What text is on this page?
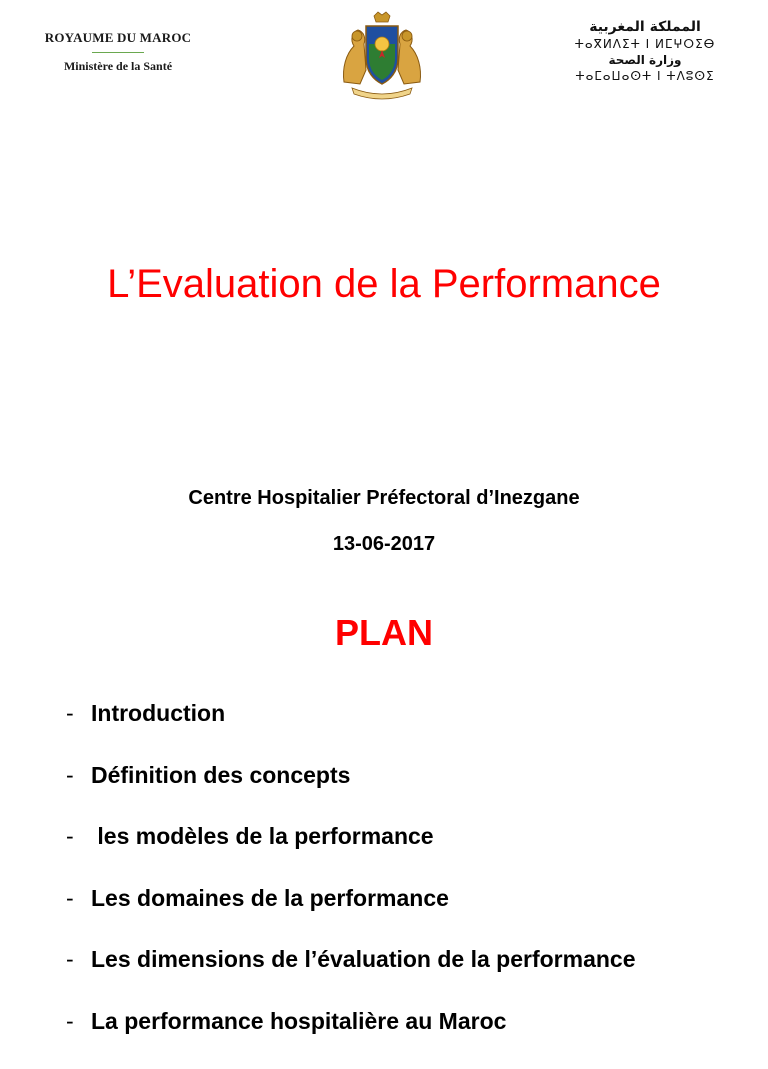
ROYAUME DU MAROC
Ministère de la Santé
المملكة المغربية
ⵜⴰⴳⵍⴷⵉⵜ ⵏ ⵍⵎⵖⵔⵉⴱ
وزارة الصحة
ⵜⴰⵎⴰⵡⴰⵙⵜ ⵏ ⵜⴷⵓⵙⵉ
L’Evaluation de la Performance
Centre Hospitalier Préfectoral d’Inezgane
13-06-2017
PLAN
- Introduction
- Définition des concepts
- les modèles de la performance
- Les domaines de la performance
- Les dimensions de l’évaluation de la performance
- La performance hospitalière au Maroc
